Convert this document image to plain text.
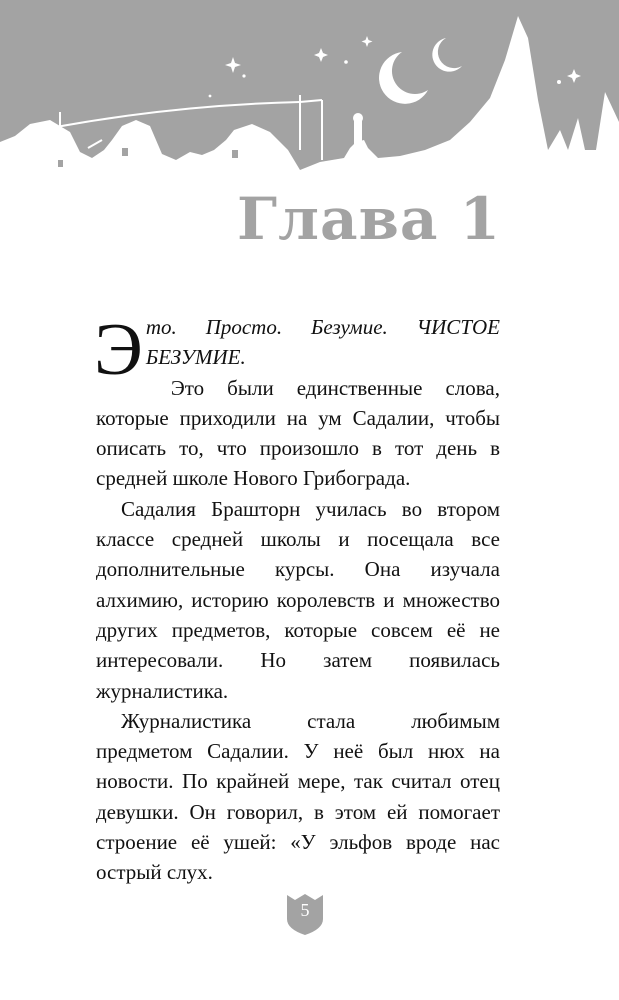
Глава 1

Это. Просто. Безумие. ЧИСТОЕ БЕЗУМИЕ.

Это были единственные слова, которые приходили на ум Садалии, чтобы описать то, что произошло в тот день в средней школе Нового Грибограда.

Садалия Брашторн училась во втором классе средней школы и посещала все дополнительные курсы. Она изучала алхимию, историю королевств и множество других предметов, которые совсем её не интересовали. Но затем появилась журналистика.

Журналистика стала любимым предметом Садалии. У неё был нюх на новости. По крайней мере, так считал отец девушки. Он говорил, в этом ей помогает строение её ушей: «У эльфов вроде нас острый слух.

5
